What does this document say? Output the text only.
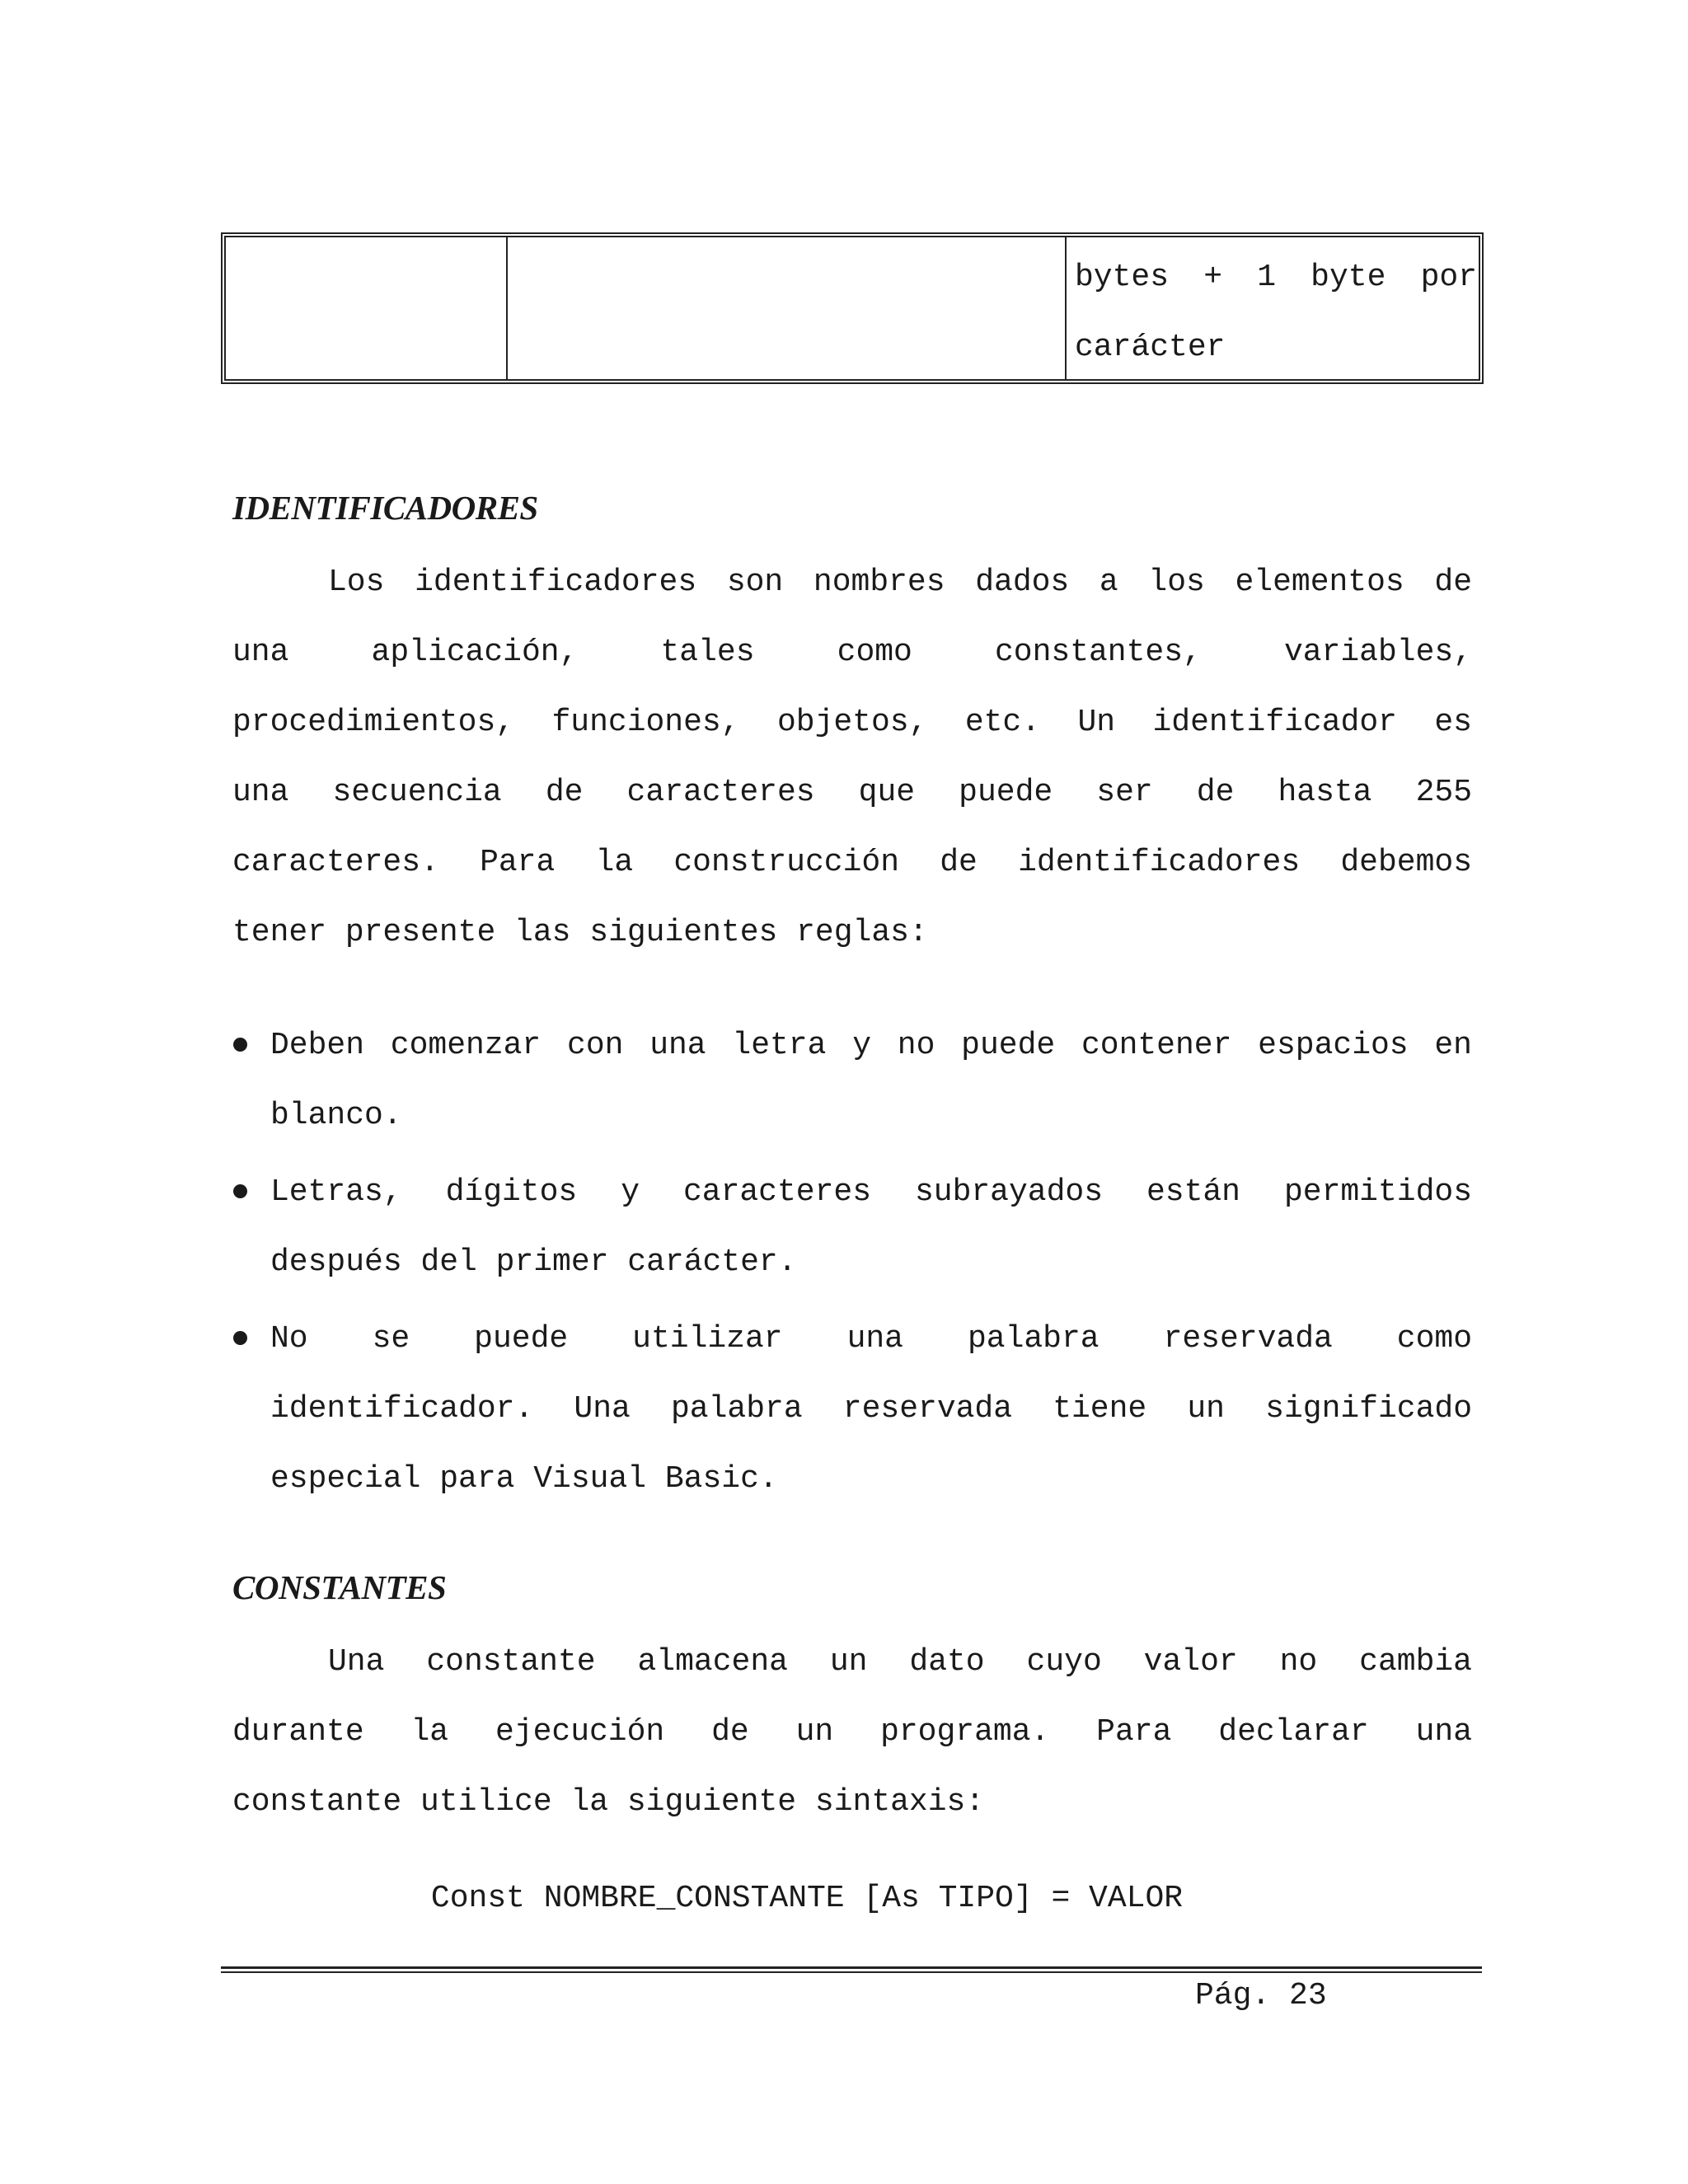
bytes + 1 byte por
carácter
IDENTIFICADORES
Los identificadores son nombres dados a los elementos de
una aplicación, tales como constantes, variables,
procedimientos, funciones, objetos, etc. Un identificador es
una secuencia de caracteres que puede ser de hasta 255
caracteres. Para la construcción de identificadores debemos
tener presente las siguientes reglas:
Deben comenzar con una letra y no puede contener espacios en
blanco.
Letras, dígitos y caracteres subrayados están permitidos
después del primer carácter.
No se puede utilizar una palabra reservada como
identificador. Una palabra reservada tiene un significado
especial para Visual Basic.
CONSTANTES
Una constante almacena un dato cuyo valor no cambia
durante la ejecución de un programa. Para declarar una
constante utilice la siguiente sintaxis:
Const NOMBRE_CONSTANTE [As TIPO] = VALOR
Pág. 23
